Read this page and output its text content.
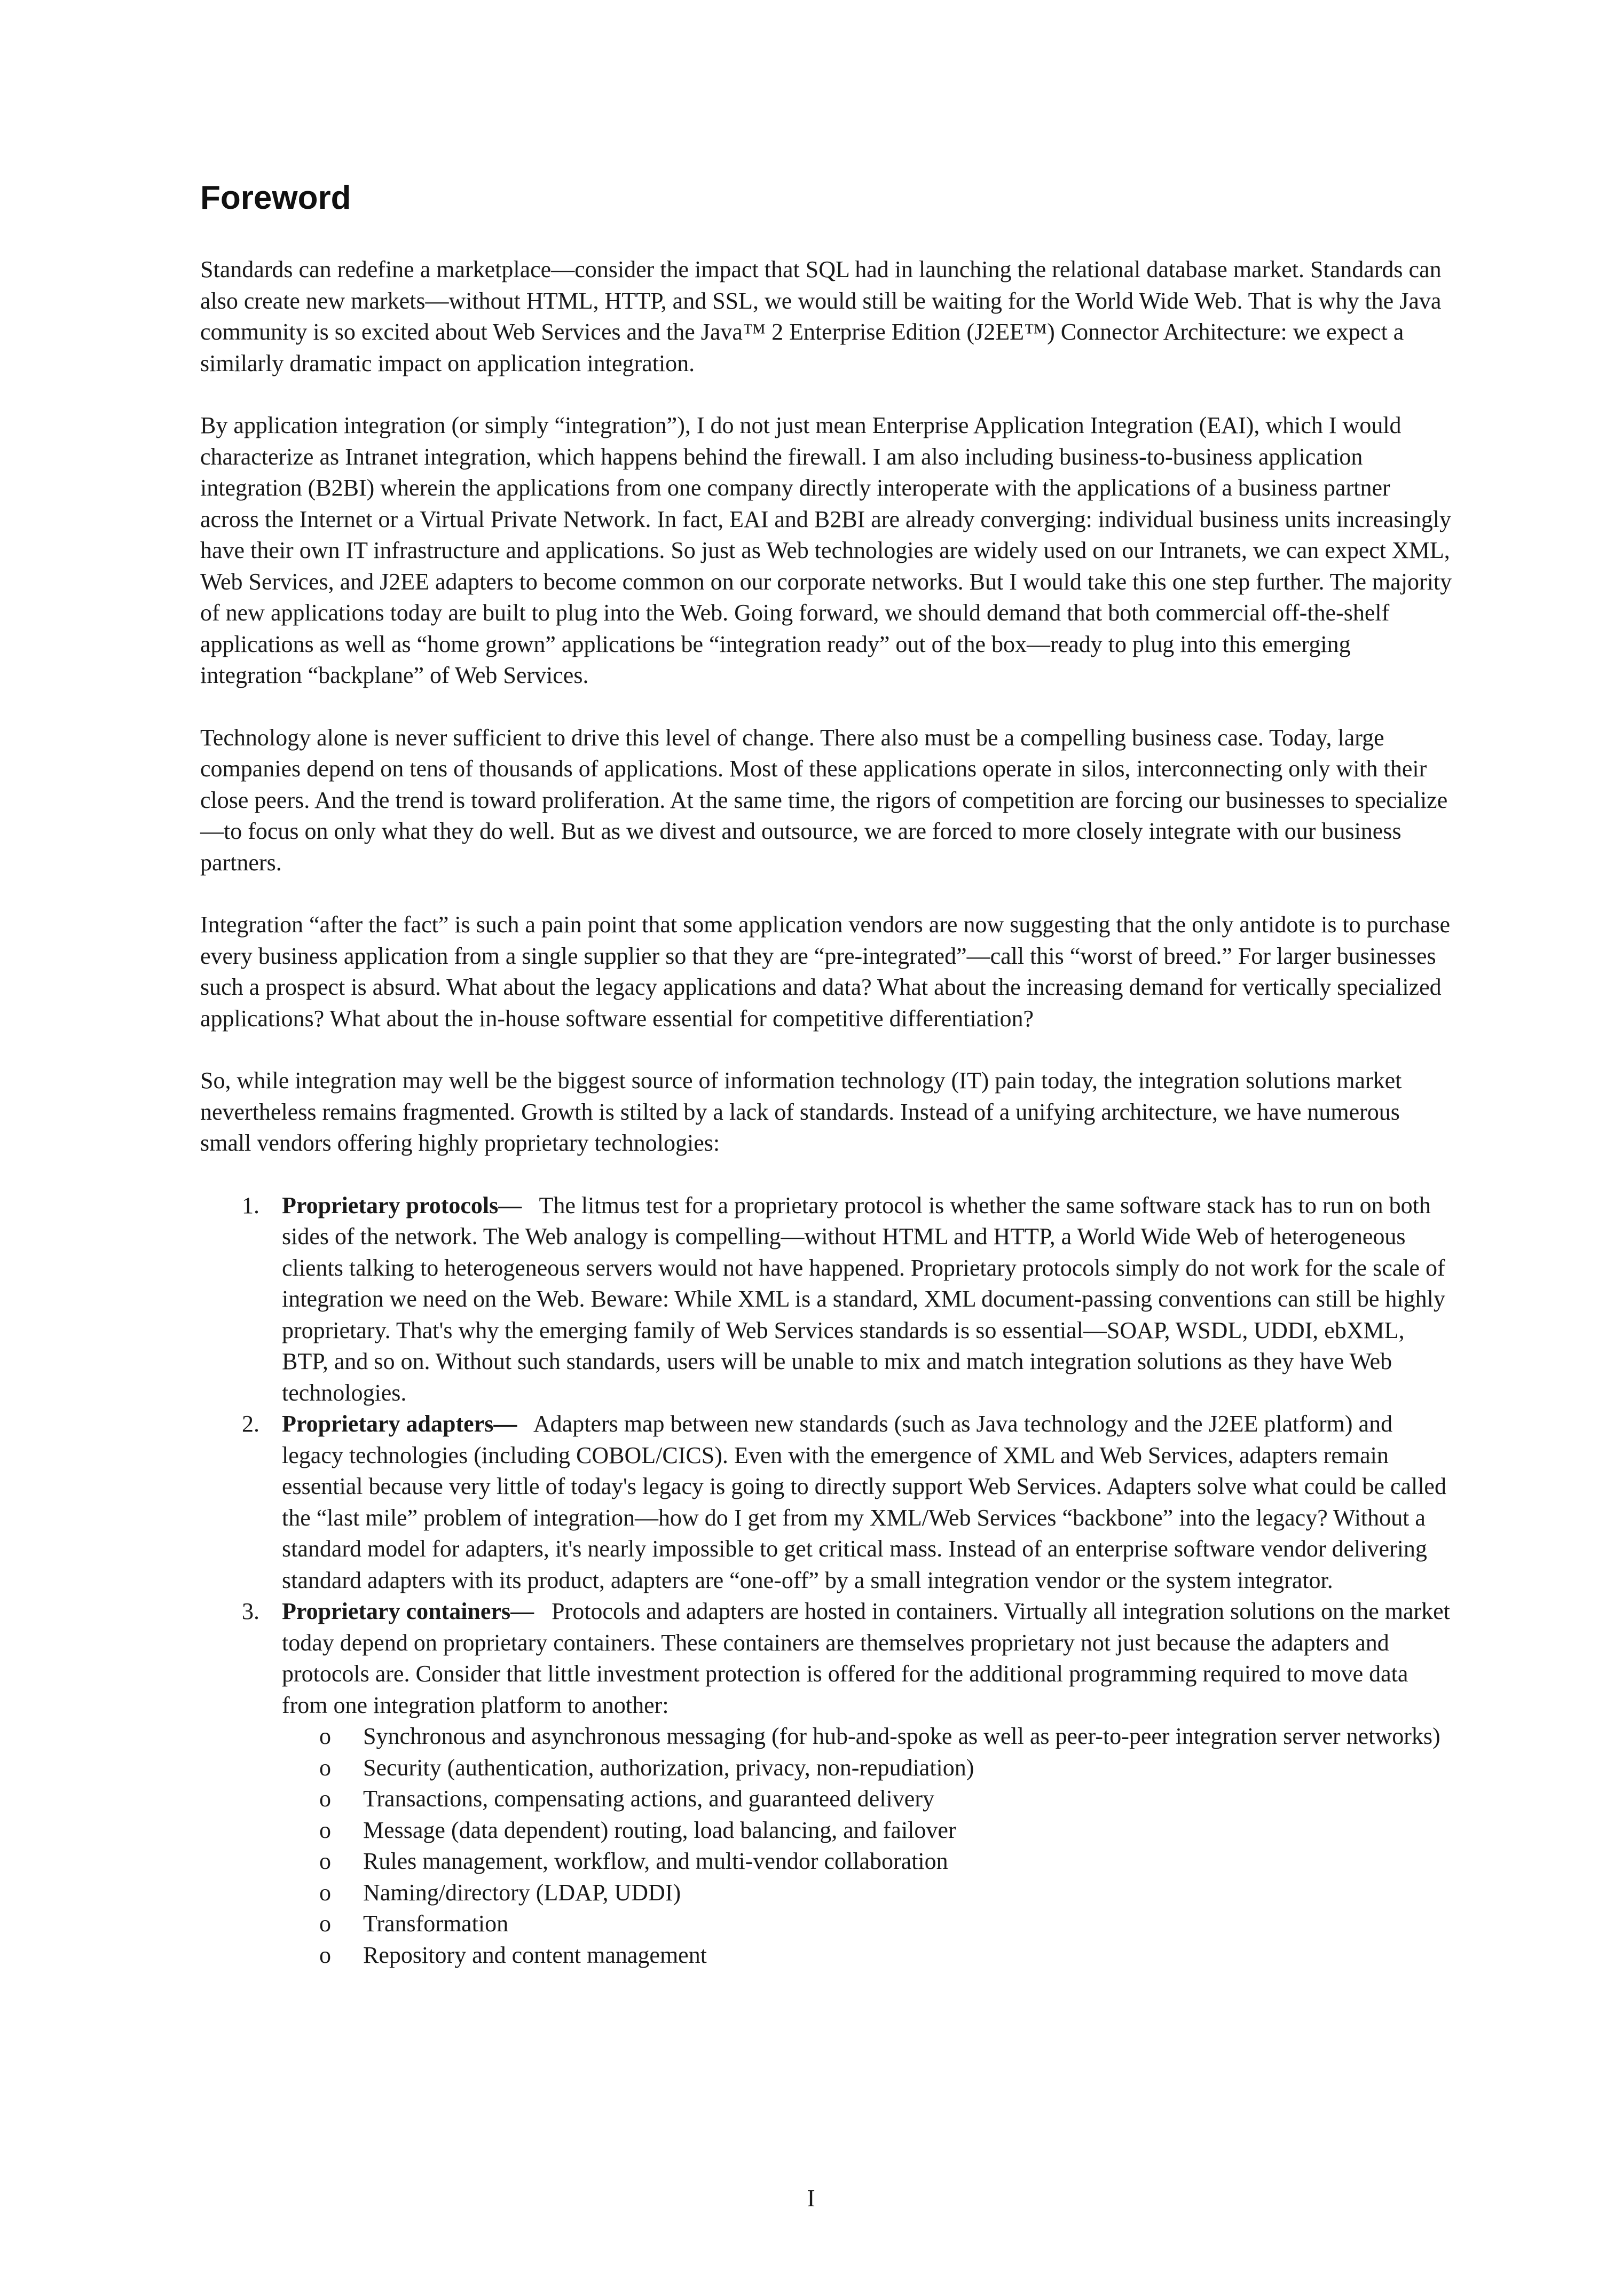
Foreword

Standards can redefine a marketplace—consider the impact that SQL had in launching the relational database market. Standards can also create new markets—without HTML, HTTP, and SSL, we would still be waiting for the World Wide Web. That is why the Java community is so excited about Web Services and the Java™ 2 Enterprise Edition (J2EE™) Connector Architecture: we expect a similarly dramatic impact on application integration.

By application integration (or simply “integration”), I do not just mean Enterprise Application Integration (EAI), which I would characterize as Intranet integration, which happens behind the firewall. I am also including business-to-business application integration (B2BI) wherein the applications from one company directly interoperate with the applications of a business partner across the Internet or a Virtual Private Network. In fact, EAI and B2BI are already converging: individual business units increasingly have their own IT infrastructure and applications. So just as Web technologies are widely used on our Intranets, we can expect XML, Web Services, and J2EE adapters to become common on our corporate networks. But I would take this one step further. The majority of new applications today are built to plug into the Web. Going forward, we should demand that both commercial off-the-shelf applications as well as “home grown” applications be “integration ready” out of the box—ready to plug into this emerging integration “backplane” of Web Services.

Technology alone is never sufficient to drive this level of change. There also must be a compelling business case. Today, large companies depend on tens of thousands of applications. Most of these applications operate in silos, interconnecting only with their close peers. And the trend is toward proliferation. At the same time, the rigors of competition are forcing our businesses to specialize—to focus on only what they do well. But as we divest and outsource, we are forced to more closely integrate with our business partners.

Integration “after the fact” is such a pain point that some application vendors are now suggesting that the only antidote is to purchase every business application from a single supplier so that they are “pre-integrated”—call this “worst of breed.” For larger businesses such a prospect is absurd. What about the legacy applications and data? What about the increasing demand for vertically specialized applications? What about the in-house software essential for competitive differentiation?

So, while integration may well be the biggest source of information technology (IT) pain today, the integration solutions market nevertheless remains fragmented. Growth is stilted by a lack of standards. Instead of a unifying architecture, we have numerous small vendors offering highly proprietary technologies:

1. Proprietary protocols— The litmus test for a proprietary protocol is whether the same software stack has to run on both sides of the network. The Web analogy is compelling—without HTML and HTTP, a World Wide Web of heterogeneous clients talking to heterogeneous servers would not have happened. Proprietary protocols simply do not work for the scale of integration we need on the Web. Beware: While XML is a standard, XML document-passing conventions can still be highly proprietary. That's why the emerging family of Web Services standards is so essential—SOAP, WSDL, UDDI, ebXML, BTP, and so on. Without such standards, users will be unable to mix and match integration solutions as they have Web technologies.
2. Proprietary adapters— Adapters map between new standards (such as Java technology and the J2EE platform) and legacy technologies (including COBOL/CICS). Even with the emergence of XML and Web Services, adapters remain essential because very little of today's legacy is going to directly support Web Services. Adapters solve what could be called the “last mile” problem of integration—how do I get from my XML/Web Services “backbone” into the legacy? Without a standard model for adapters, it's nearly impossible to get critical mass. Instead of an enterprise software vendor delivering standard adapters with its product, adapters are “one-off” by a small integration vendor or the system integrator.
3. Proprietary containers— Protocols and adapters are hosted in containers. Virtually all integration solutions on the market today depend on proprietary containers. These containers are themselves proprietary not just because the adapters and protocols are. Consider that little investment protection is offered for the additional programming required to move data from one integration platform to another:
o Synchronous and asynchronous messaging (for hub-and-spoke as well as peer-to-peer integration server networks)
o Security (authentication, authorization, privacy, non-repudiation)
o Transactions, compensating actions, and guaranteed delivery
o Message (data dependent) routing, load balancing, and failover
o Rules management, workflow, and multi-vendor collaboration
o Naming/directory (LDAP, UDDI)
o Transformation
o Repository and content management
I
